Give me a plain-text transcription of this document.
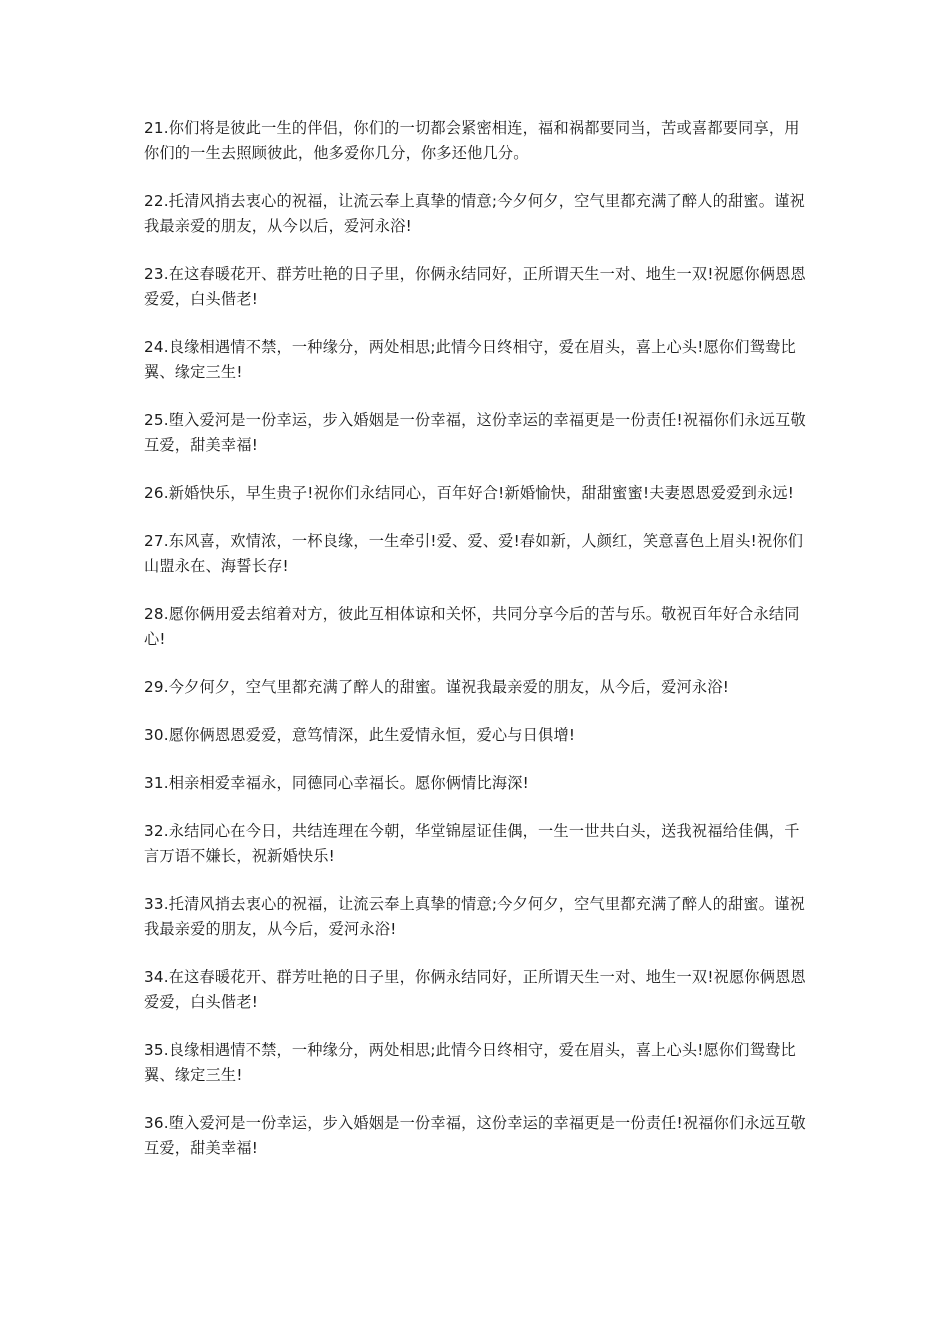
21.你们将是彼此一生的伴侣，你们的一切都会紧密相连，福和祸都要同当，苦或喜都要同享，用你们的一生去照顾彼此，他多爱你几分，你多还他几分。

22.托清风捎去衷心的祝福，让流云奉上真挚的情意;今夕何夕，空气里都充满了醉人的甜蜜。谨祝我最亲爱的朋友，从今以后，爱河永浴!

23.在这春暖花开、群芳吐艳的日子里，你俩永结同好，正所谓天生一对、地生一双!祝愿你俩恩恩爱爱，白头偕老!

24.良缘相遇情不禁，一种缘分，两处相思;此情今日终相守，爱在眉头，喜上心头!愿你们鸳鸯比翼、缘定三生!

25.堕入爱河是一份幸运，步入婚姻是一份幸福，这份幸运的幸福更是一份责任!祝福你们永远互敬互爱，甜美幸福!

26.新婚快乐，早生贵子!祝你们永结同心，百年好合!新婚愉快，甜甜蜜蜜!夫妻恩恩爱爱到永远!

27.东风喜，欢情浓，一杯良缘，一生牵引!爱、爱、爱!春如新，人颜红，笑意喜色上眉头!祝你们山盟永在、海誓长存!

28.愿你俩用爱去绾着对方，彼此互相体谅和关怀，共同分享今后的苦与乐。敬祝百年好合永结同心!

29.今夕何夕，空气里都充满了醉人的甜蜜。谨祝我最亲爱的朋友，从今后，爱河永浴!

30.愿你俩恩恩爱爱，意笃情深，此生爱情永恒，爱心与日俱增!

31.相亲相爱幸福永，同德同心幸福长。愿你俩情比海深!

32.永结同心在今日，共结连理在今朝，华堂锦屋证佳偶，一生一世共白头，送我祝福给佳偶，千言万语不嫌长，祝新婚快乐!

33.托清风捎去衷心的祝福，让流云奉上真挚的情意;今夕何夕，空气里都充满了醉人的甜蜜。谨祝我最亲爱的朋友，从今后，爱河永浴!

34.在这春暖花开、群芳吐艳的日子里，你俩永结同好，正所谓天生一对、地生一双!祝愿你俩恩恩爱爱，白头偕老!

35.良缘相遇情不禁，一种缘分，两处相思;此情今日终相守，爱在眉头，喜上心头!愿你们鸳鸯比翼、缘定三生!

36.堕入爱河是一份幸运，步入婚姻是一份幸福，这份幸运的幸福更是一份责任!祝福你们永远互敬互爱，甜美幸福!
